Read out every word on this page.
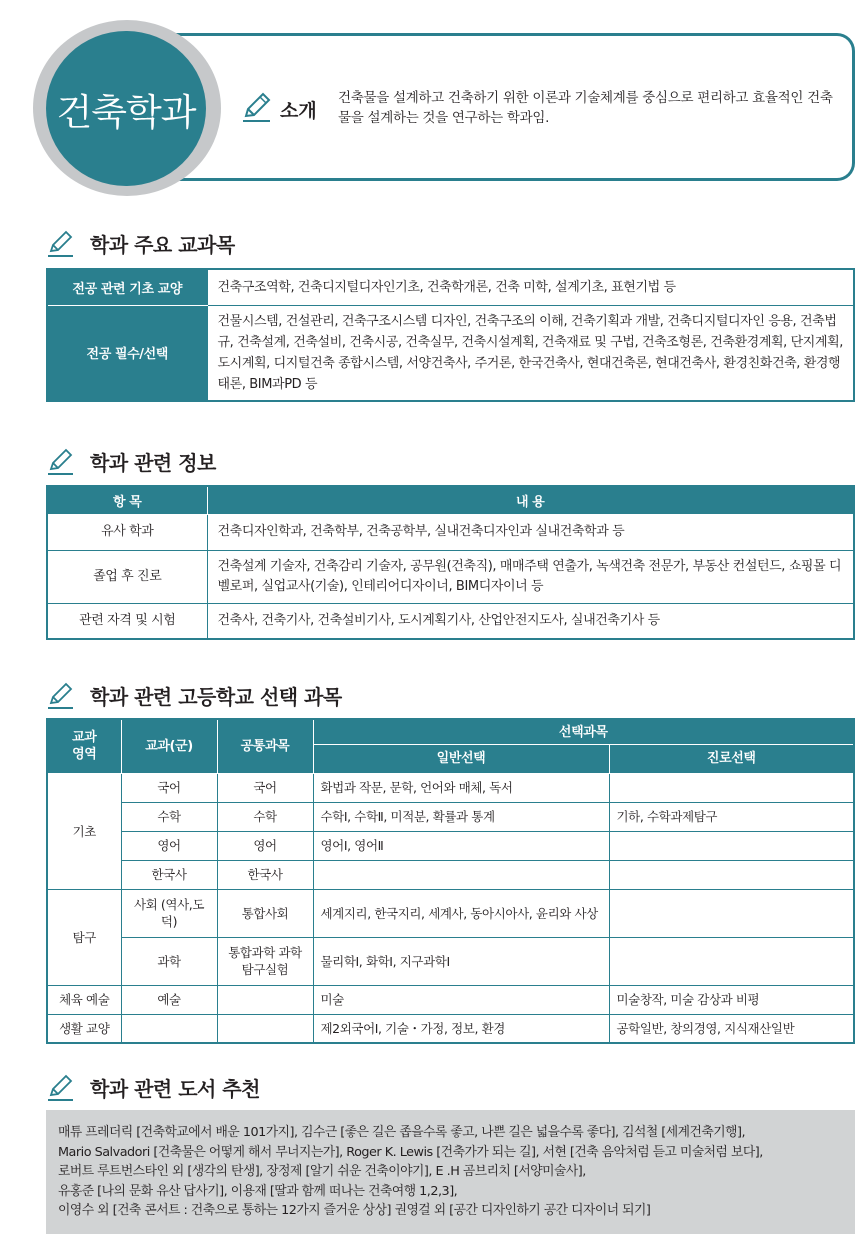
건축학과	소개
건축물을 설계하고 건축하기 위한 이론과 기술체계를 중심으로 편리하고 효율적인 건축물을 설계하는 것을 연구하는 학과임.
학과 주요 교과목
전공 관련 기초 교양	건축구조역학, 건축디지털디자인기초, 건축학개론, 건축 미학, 설계기초, 표현기법 등
전공 필수/선택	건물시스템, 건설관리, 건축구조시스템 디자인, 건축구조의 이해, 건축기획과 개발, 건축디지털디자인 응용, 건축법규, 건축설계, 건축설비, 건축시공, 건축실무, 건축시설계획, 건축재료 및 구법, 건축조형론, 건축환경계획, 단지계획, 도시계획, 디지털건축 종합시스템, 서양건축사, 주거론, 한국건축사, 현대건축론, 현대건축사, 환경친화건축, 환경행태론, BIM과PD 등
학과 관련 정보
항 목	내 용
유사 학과	건축디자인학과, 건축학부, 건축공학부, 실내건축디자인과 실내건축학과 등
졸업 후 진로	건축설계 기술자, 건축감리 기술자, 공무원(건축직), 매매주택 연출가, 녹색건축 전문가, 부동산 컨설턴드, 쇼핑몰 디벨로퍼, 실업교사(기술), 인테리어디자이너, BIM디자이너 등
관련 자격 및 시험	건축사, 건축기사, 건축설비기사, 도시계획기사, 산업안전지도사, 실내건축기사 등
학과 관련 고등학교 선택 과목
교과 영역	교과(군)	공통과목	선택과목	
			일반선택	진로선택
기초	국어	국어	화법과 작문, 문학, 언어와 매체, 독서	
	수학	수학	수학Ⅰ, 수학Ⅱ, 미적분, 확률과 통계	기하, 수학과제탐구
	영어	영어	영어Ⅰ, 영어Ⅱ	
	한국사	한국사		
탐구	사회 (역사,도덕)	통합사회	세계지리, 한국지리, 세계사, 동아시아사, 윤리와 사상	
	과학	통합과학 과학탐구실험	물리학Ⅰ, 화학Ⅰ, 지구과학Ⅰ	
체육 예술	예술		미술	미술창작, 미술 감상과 비평
생활 교양			제2외국어Ⅰ, 기술・가정, 정보, 환경	공학일반, 창의경영, 지식재산일반
학과 관련 도서 추천
매튜 프레더릭 [건축학교에서 배운 101가지], 김수근 [좋은 길은 좁을수록 좋고, 나쁜 길은 넓을수록 좋다], 김석철 [세계건축기행],
Mario Salvadori [건축물은 어떻게 해서 무너지는가], Roger K. Lewis [건축가가 되는 길], 서현 [건축 음악처럼 듣고 미술처럼 보다],
로버트 루트번스타인 외 [생각의 탄생], 장정제 [알기 쉬운 건축이야기], E .H 곰브리치 [서양미술사],
유홍준 [나의 문화 유산 답사기], 이용재 [딸과 함께 떠나는 건축여행 1,2,3],
이영수 외 [건축 콘서트 : 건축으로 통하는 12가지 즐거운 상상] 권영걸 외 [공간 디자인하기 공간 디자이너 되기]
